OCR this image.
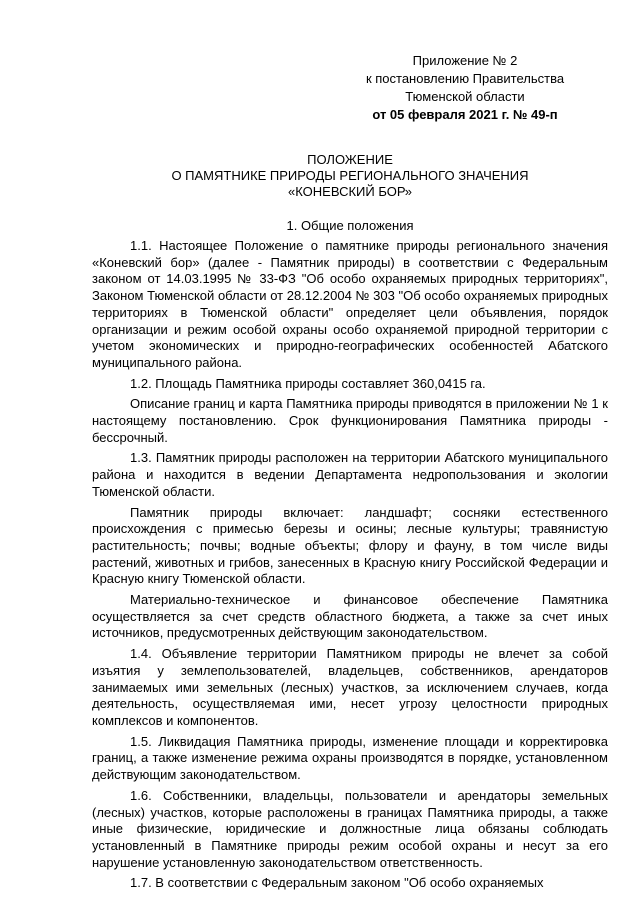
Приложение № 2
к постановлению Правительства
Тюменской области
от 05 февраля 2021 г. № 49-п
ПОЛОЖЕНИЕ
О ПАМЯТНИКЕ ПРИРОДЫ РЕГИОНАЛЬНОГО ЗНАЧЕНИЯ
«КОНЕВСКИЙ БОР»
1. Общие положения

1.1. Настоящее Положение о памятнике природы регионального значения «Коневский бор» (далее - Памятник природы) в соответствии с Федеральным законом от 14.03.1995 № 33-ФЗ "Об особо охраняемых природных территориях", Законом Тюменской области от 28.12.2004 № 303 "Об особо охраняемых природных территориях в Тюменской области" определяет цели объявления, порядок организации и режим особой охраны особо охраняемой природной территории с учетом экономических и природно-географических особенностей Абатского муниципального района.

1.2. Площадь Памятника природы составляет 360,0415 га.

Описание границ и карта Памятника природы приводятся в приложении № 1 к настоящему постановлению. Срок функционирования Памятника природы - бессрочный.

1.3. Памятник природы расположен на территории Абатского муниципального района и находится в ведении Департамента недропользования и экологии Тюменской области.

Памятник природы включает: ландшафт; сосняки естественного происхождения с примесью березы и осины; лесные культуры; травянистую растительность; почвы; водные объекты; флору и фауну, в том числе виды растений, животных и грибов, занесенных в Красную книгу Российской Федерации и Красную книгу Тюменской области.

Материально-техническое и финансовое обеспечение Памятника осуществляется за счет средств областного бюджета, а также за счет иных источников, предусмотренных действующим законодательством.

1.4. Объявление территории Памятником природы не влечет за собой изъятия у землепользователей, владельцев, собственников, арендаторов занимаемых ими земельных (лесных) участков, за исключением случаев, когда деятельность, осуществляемая ими, несет угрозу целостности природных комплексов и компонентов.

1.5. Ликвидация Памятника природы, изменение площади и корректировка границ, а также изменение режима охраны производятся в порядке, установленном действующим законодательством.

1.6. Собственники, владельцы, пользователи и арендаторы земельных (лесных) участков, которые расположены в границах Памятника природы, а также иные физические, юридические и должностные лица обязаны соблюдать установленный в Памятнике природы режим особой охраны и несут за его нарушение установленную законодательством ответственность.

1.7. В соответствии с Федеральным законом "Об особо охраняемых
